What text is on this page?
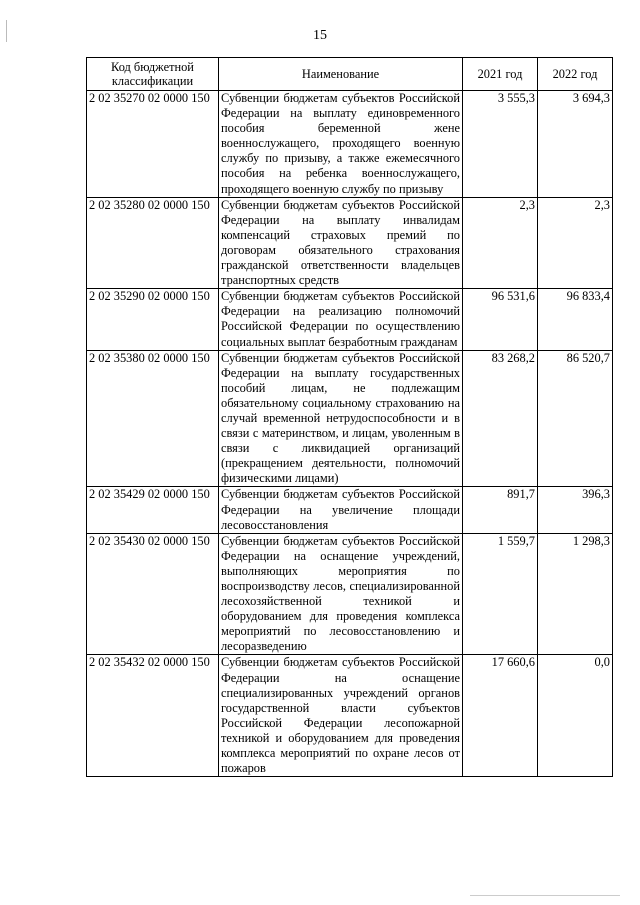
15
Код бюджетной классификации	Наименование	2021 год	2022 год
2 02 35270 02 0000 150	Субвенции бюджетам субъектов Российской Федерации на выплату единовременного пособия беременной жене военнослужащего, проходящего военную службу по призыву, а также ежемесячного пособия на ребенка военнослужащего, проходящего военную службу по призыву	3 555,3	3 694,3
2 02 35280 02 0000 150	Субвенции бюджетам субъектов Российской Федерации на выплату инвалидам компенсаций страховых премий по договорам обязательного страхования гражданской ответственности владельцев транспортных средств	2,3	2,3
2 02 35290 02 0000 150	Субвенции бюджетам субъектов Российской Федерации на реализацию полномочий Российской Федерации по осуществлению социальных выплат безработным гражданам	96 531,6	96 833,4
2 02 35380 02 0000 150	Субвенции бюджетам субъектов Российской Федерации на выплату государственных пособий лицам, не подлежащим обязательному социальному страхованию на случай временной нетрудоспособности и в связи с материнством, и лицам, уволенным в связи с ликвидацией организаций (прекращением деятельности, полномочий физическими лицами)	83 268,2	86 520,7
2 02 35429 02 0000 150	Субвенции бюджетам субъектов Российской Федерации на увеличение площади лесовосстановления	891,7	396,3
2 02 35430 02 0000 150	Субвенции бюджетам субъектов Российской Федерации на оснащение учреждений, выполняющих мероприятия по воспроизводству лесов, специализированной лесохозяйственной техникой и оборудованием для проведения комплекса мероприятий по лесовосстановлению и лесоразведению	1 559,7	1 298,3
2 02 35432 02 0000 150	Субвенции бюджетам субъектов Российской Федерации на оснащение специализированных учреждений органов государственной власти субъектов Российской Федерации лесопожарной техникой и оборудованием для проведения комплекса мероприятий по охране лесов от пожаров	17 660,6	0,0
